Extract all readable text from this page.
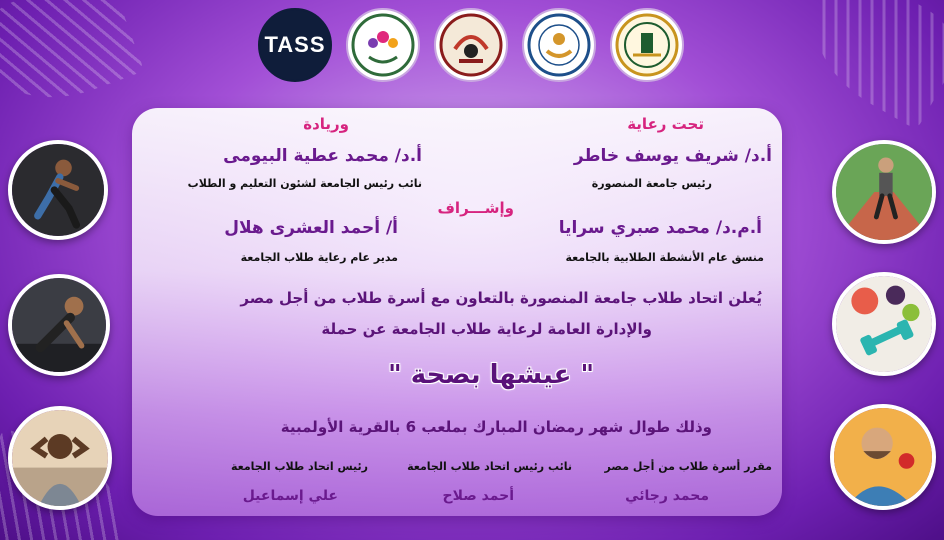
TASS
تحت رعاية
وريادة
أ.د/ شريف يوسف خاطر
رئيس جامعة المنصورة
أ.د/ محمد عطية البيومى
نائب رئيس الجامعة لشئون التعليم و الطلاب
وإشـــراف
أ.م.د/ محمد صبري سرايا
منسق عام الأنشطة الطلابية بالجامعة
أ/ أحمد العشرى هلال
مدير عام رعاية طلاب الجامعة
يُعلن اتحاد طلاب جامعة المنصورة بالتعاون مع أسرة طلاب من أجل مصر
والإدارة العامة لرعاية طلاب الجامعة عن حملة
" عيشها بصحة "
وذلك طوال شهر رمضان المبارك بملعب 6 بالقرية الأولمبية
مقرر أسرة طلاب من أجل مصر
محمد رجائي
نائب رئيس اتحاد طلاب الجامعة
أحمد صلاح
رئيس اتحاد طلاب الجامعة
علي إسماعيل
